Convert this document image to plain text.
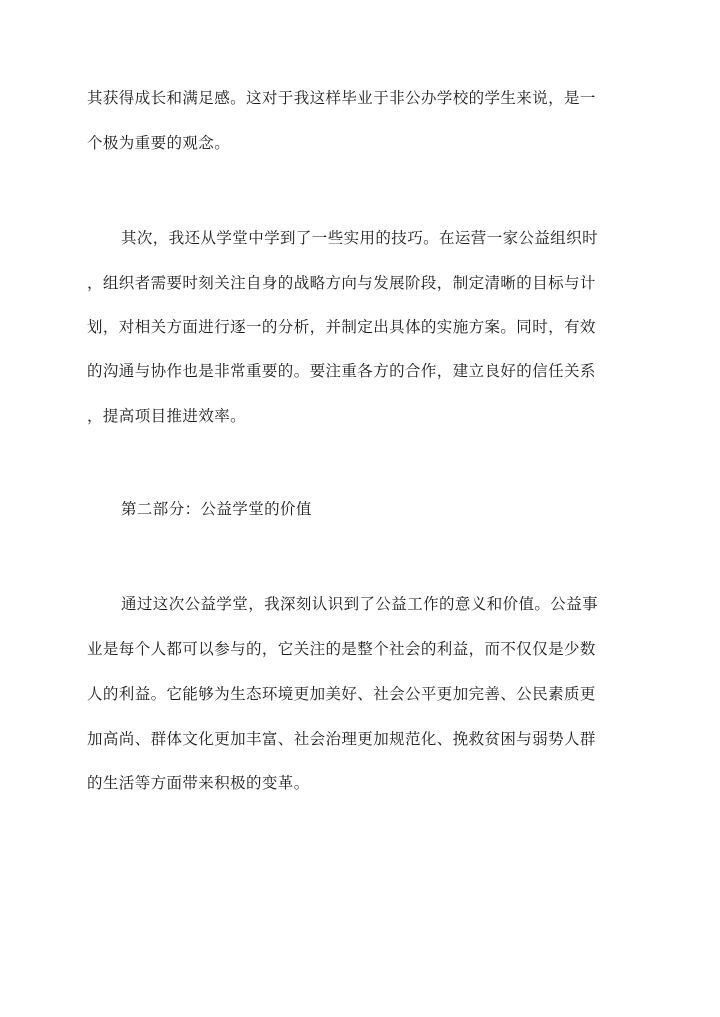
其获得成长和满足感。这对于我这样毕业于非公办学校的学生来说，是一
个极为重要的观念。
其次，我还从学堂中学到了一些实用的技巧。在运营一家公益组织时
，组织者需要时刻关注自身的战略方向与发展阶段，制定清晰的目标与计
划，对相关方面进行逐一的分析，并制定出具体的实施方案。同时，有效
的沟通与协作也是非常重要的。要注重各方的合作，建立良好的信任关系
，提高项目推进效率。
第二部分：公益学堂的价值
通过这次公益学堂，我深刻认识到了公益工作的意义和价值。公益事
业是每个人都可以参与的，它关注的是整个社会的利益，而不仅仅是少数
人的利益。它能够为生态环境更加美好、社会公平更加完善、公民素质更
加高尚、群体文化更加丰富、社会治理更加规范化、挽救贫困与弱势人群
的生活等方面带来积极的变革。
